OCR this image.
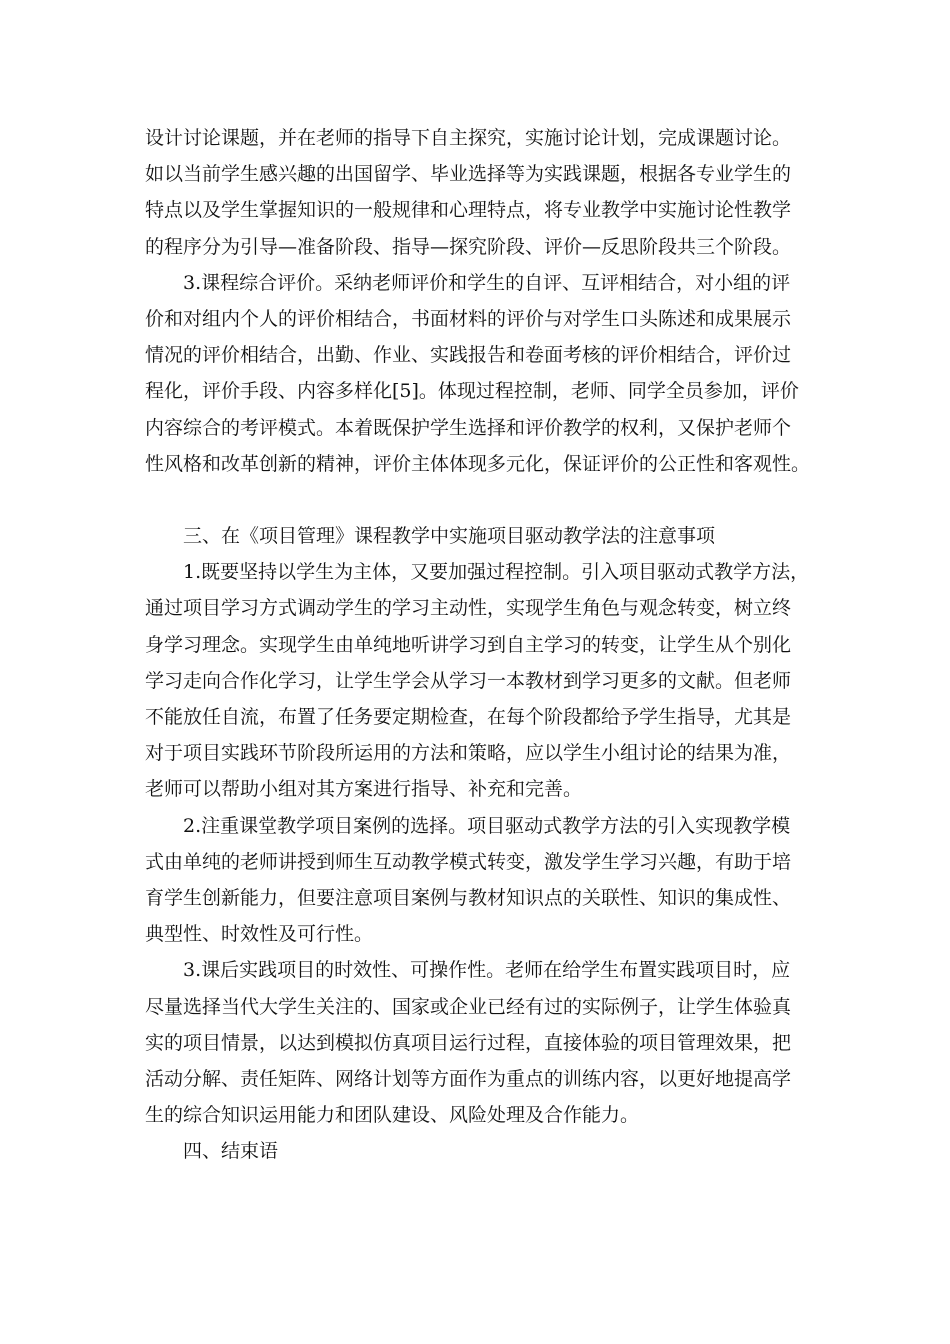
设计讨论课题，并在老师的指导下自主探究，实施讨论计划，完成课题讨论。
如以当前学生感兴趣的出国留学、毕业选择等为实践课题，根据各专业学生的
特点以及学生掌握知识的一般规律和心理特点，将专业教学中实施讨论性教学
的程序分为引导—准备阶段、指导—探究阶段、评价—反思阶段共三个阶段。
3.课程综合评价。采纳老师评价和学生的自评、互评相结合，对小组的评
价和对组内个人的评价相结合，书面材料的评价与对学生口头陈述和成果展示
情况的评价相结合，出勤、作业、实践报告和卷面考核的评价相结合，评价过
程化，评价手段、内容多样化[5]。体现过程控制，老师、同学全员参加，评价
内容综合的考评模式。本着既保护学生选择和评价教学的权利，又保护老师个
性风格和改革创新的精神，评价主体体现多元化，保证评价的公正性和客观性。
三、在《项目管理》课程教学中实施项目驱动教学法的注意事项
1.既要坚持以学生为主体，又要加强过程控制。引入项目驱动式教学方法，
通过项目学习方式调动学生的学习主动性，实现学生角色与观念转变，树立终
身学习理念。实现学生由单纯地听讲学习到自主学习的转变，让学生从个别化
学习走向合作化学习，让学生学会从学习一本教材到学习更多的文献。但老师
不能放任自流，布置了任务要定期检查，在每个阶段都给予学生指导，尤其是
对于项目实践环节阶段所运用的方法和策略，应以学生小组讨论的结果为准，
老师可以帮助小组对其方案进行指导、补充和完善。
2.注重课堂教学项目案例的选择。项目驱动式教学方法的引入实现教学模
式由单纯的老师讲授到师生互动教学模式转变，激发学生学习兴趣，有助于培
育学生创新能力，但要注意项目案例与教材知识点的关联性、知识的集成性、
典型性、时效性及可行性。
3.课后实践项目的时效性、可操作性。老师在给学生布置实践项目时，应
尽量选择当代大学生关注的、国家或企业已经有过的实际例子，让学生体验真
实的项目情景，以达到模拟仿真项目运行过程，直接体验的项目管理效果，把
活动分解、责任矩阵、网络计划等方面作为重点的训练内容，以更好地提高学
生的综合知识运用能力和团队建设、风险处理及合作能力。
四、结束语
